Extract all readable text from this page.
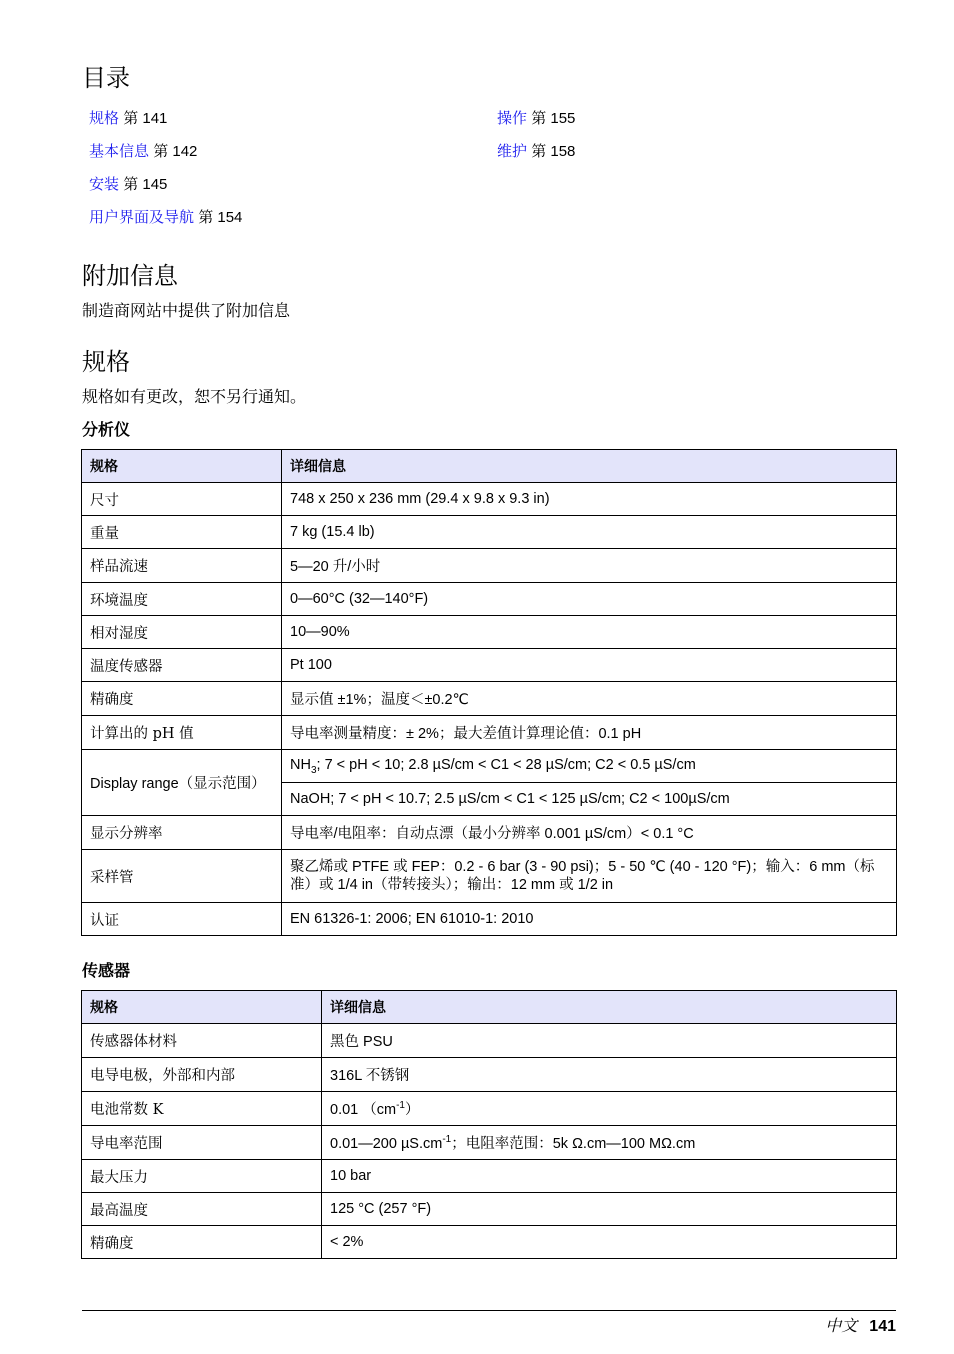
目录
规格 第 141
基本信息 第 142
安装 第 145
用户界面及导航 第 154
操作 第 155
维护 第 158
附加信息

制造商网站中提供了附加信息

规格

规格如有更改，恕不另行通知。

分析仪
规格	详细信息
尺寸	748 x 250 x 236 mm (29.4 x 9.8 x 9.3 in)
重量	7 kg (15.4 lb)
样品流速	5—20 升/小时
环境温度	0—60°C (32—140°F)
相对湿度	10—90%
温度传感器	Pt 100
精确度	显示值 ±1%；温度＜±0.2℃
计算出的 pH 值	导电率测量精度：± 2%；最大差值计算理论值：0.1 pH
Display range（显示范围）	$NH_3$; 7 < pH < 10; 2.8 µS/cm < C1 < 28 µS/cm; C2 < 0.5 µS/cm
	NaOH; 7 < pH < 10.7; 2.5 µS/cm < C1 < 125 µS/cm; C2 < 100µS/cm
显示分辨率	导电率/电阻率：自动点漂（最小分辨率 0.001 µS/cm）< 0.1 °C
采样管	聚乙烯或 PTFE 或 FEP：0.2 - 6 bar (3 - 90 psi)；5 - 50 ℃ (40 - 120 °F)；输入：6 mm（标准）或 1/4 in（带转接头）；输出：12 mm 或 1/2 in
认证	EN 61326-1: 2006; EN 61010-1: 2010
传感器
规格	详细信息
传感器体材料	黑色 PSU
电导电极，外部和内部	316L 不锈钢
电池常数 K	0.01 $(cm^{-1})$
导电率范围	0.01—200 $\mu S.cm^{-1}$；电阻率范围：5k Ω.cm—100 MΩ.cm
最大压力	10 bar
最高温度	125 °C (257 °F)
精确度	< 2%
中文 141
